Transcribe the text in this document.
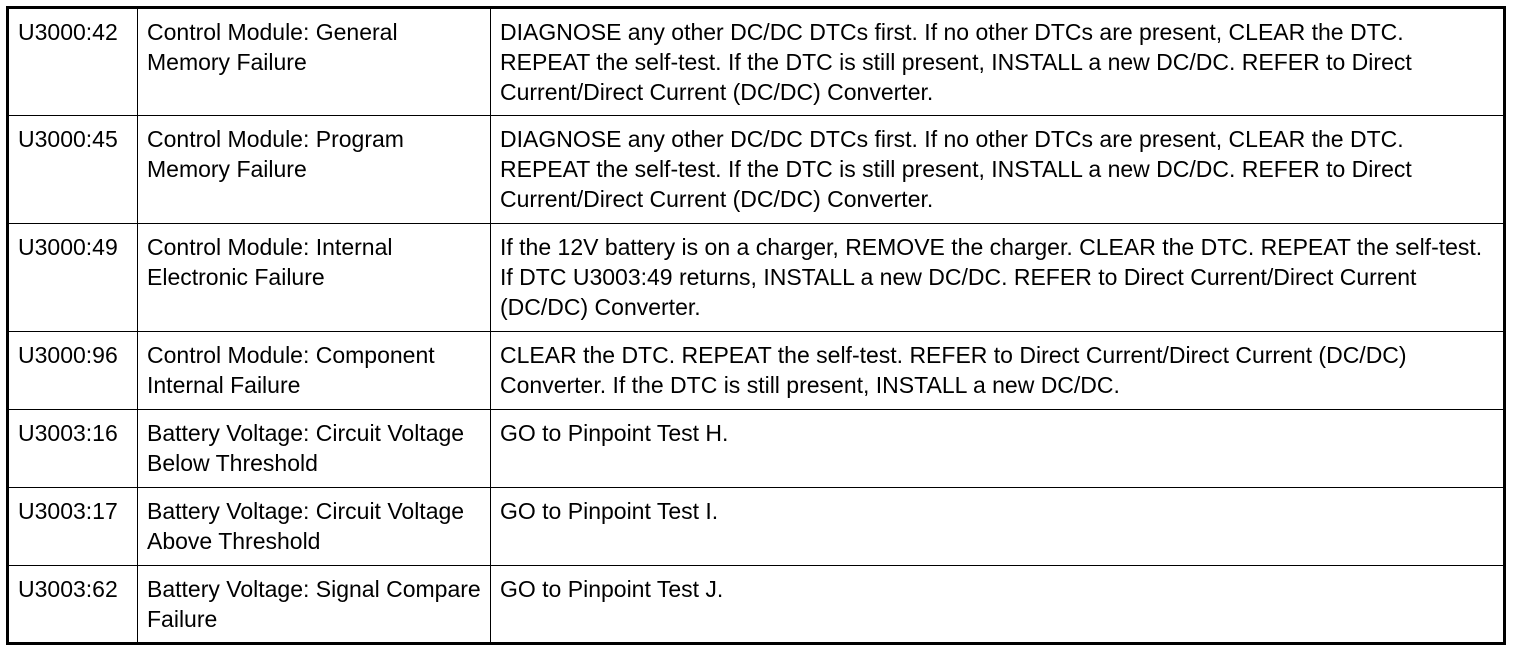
U3000:42	Control Module: General Memory Failure	DIAGNOSE any other DC/DC DTCs first. If no other DTCs are present, CLEAR the DTC. REPEAT the self-test. If the DTC is still present, INSTALL a new DC/DC. REFER to Direct Current/Direct Current (DC/DC) Converter.
U3000:45	Control Module: Program Memory Failure	DIAGNOSE any other DC/DC DTCs first. If no other DTCs are present, CLEAR the DTC. REPEAT the self-test. If the DTC is still present, INSTALL a new DC/DC. REFER to Direct Current/Direct Current (DC/DC) Converter.
U3000:49	Control Module: Internal Electronic Failure	If the 12V battery is on a charger, REMOVE the charger. CLEAR the DTC. REPEAT the self-test. If DTC U3003:49 returns, INSTALL a new DC/DC. REFER to Direct Current/Direct Current (DC/DC) Converter.
U3000:96	Control Module: Component Internal Failure	CLEAR the DTC. REPEAT the self-test. REFER to Direct Current/Direct Current (DC/DC) Converter. If the DTC is still present, INSTALL a new DC/DC.
U3003:16	Battery Voltage: Circuit Voltage Below Threshold	GO to Pinpoint Test H.
U3003:17	Battery Voltage: Circuit Voltage Above Threshold	GO to Pinpoint Test I.
U3003:62	Battery Voltage: Signal Compare Failure	GO to Pinpoint Test J.
